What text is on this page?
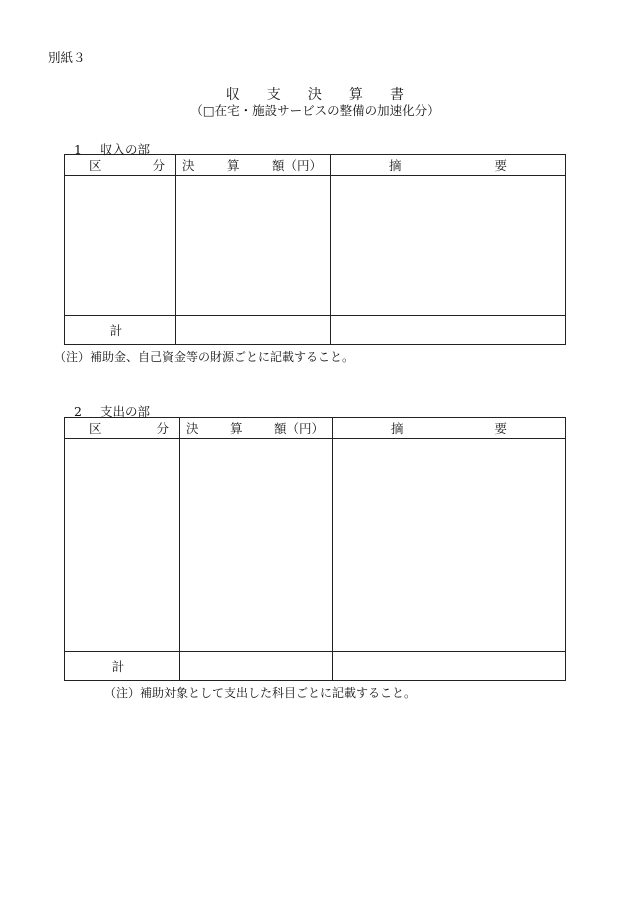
別紙３
収 支 決 算 書
（□在宅・施設サービスの整備の加速化分）
1 収入の部
区 分	決 算 額（円）	摘 要

計		

（注）補助金、自己資金等の財源ごとに記載すること。
2 支出の部
区 分	決 算 額（円）	摘 要

計		

（注）補助対象として支出した科目ごとに記載すること。
